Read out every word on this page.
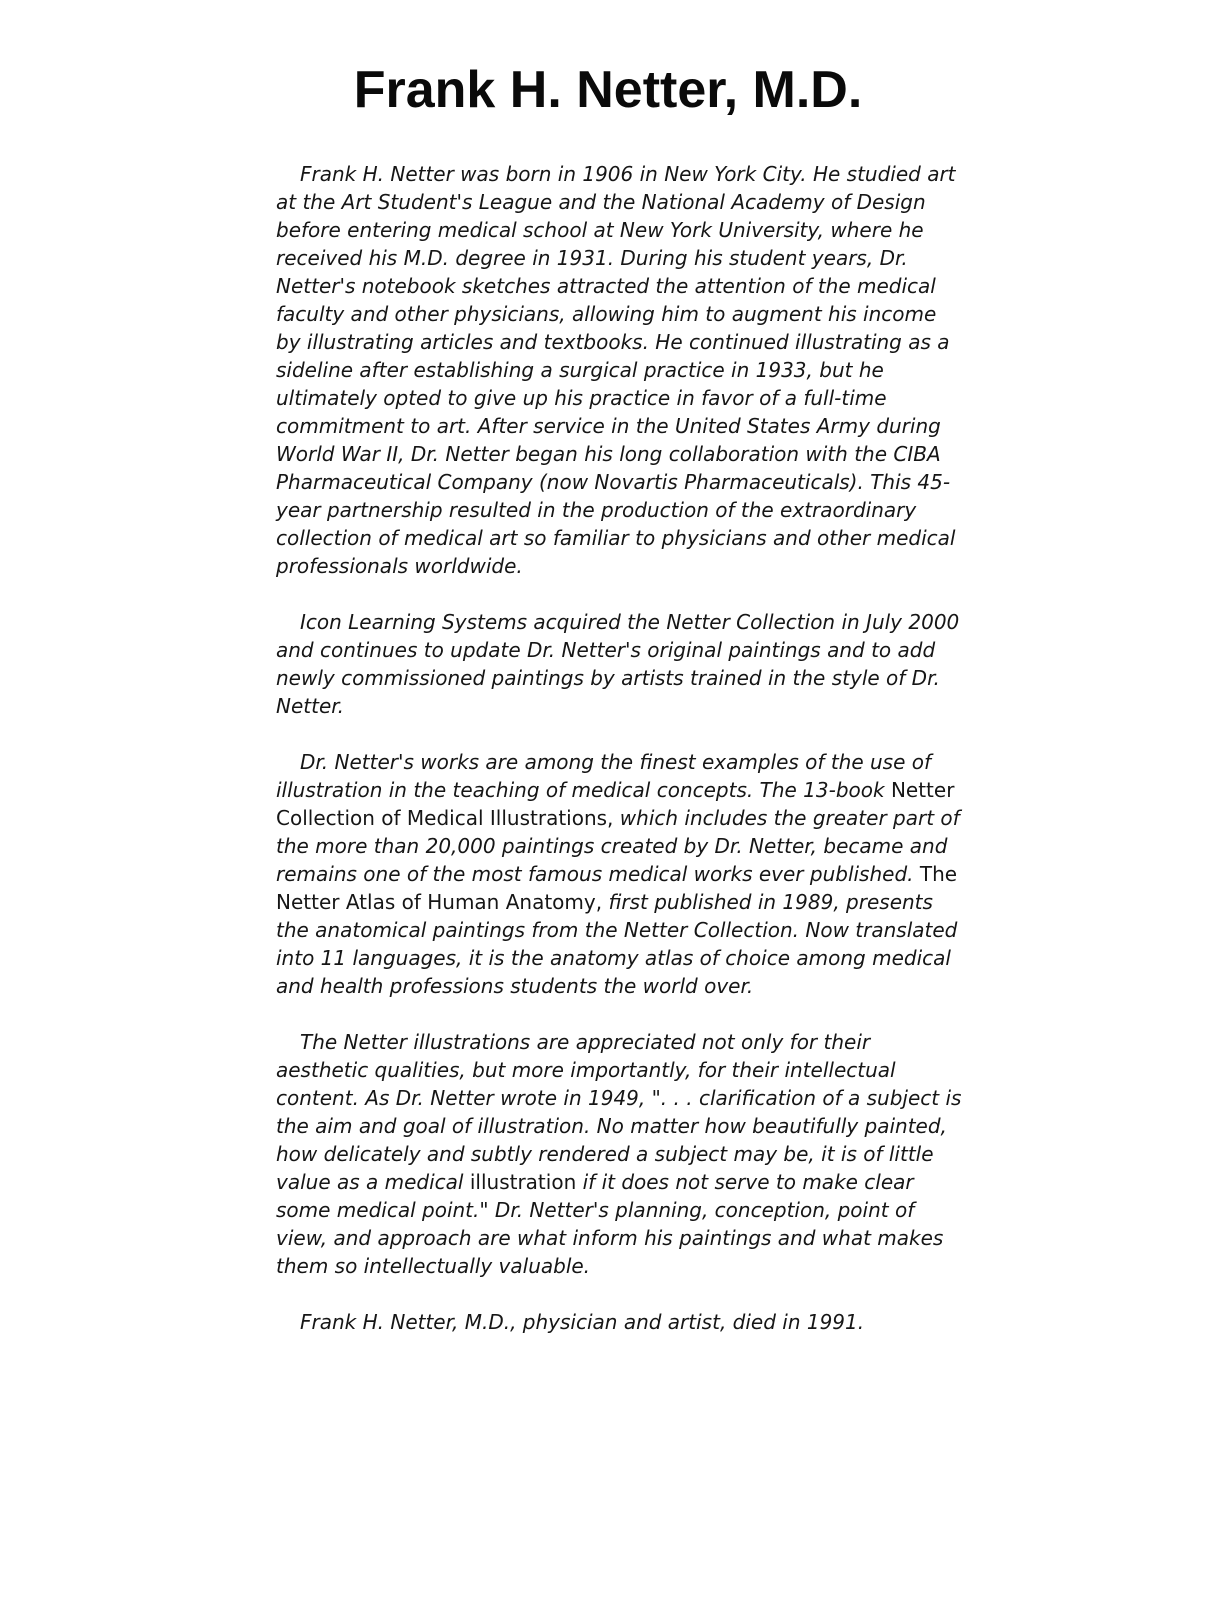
Frank H. Netter, M.D.

Frank H. Netter was born in 1906 in New York City. He studied art at the Art Student's League and the National Academy of Design before entering medical school at New York University, where he received his M.D. degree in 1931. During his student years, Dr. Netter's notebook sketches attracted the attention of the medical faculty and other physicians, allowing him to augment his income by illustrating articles and textbooks. He continued illustrating as a sideline after establishing a surgical practice in 1933, but he ultimately opted to give up his practice in favor of a full-time commitment to art. After service in the United States Army during World War II, Dr. Netter began his long collaboration with the CIBA Pharmaceutical Company (now Novartis Pharmaceuticals). This 45-year partnership resulted in the production of the extraordinary collection of medical art so familiar to physicians and other medical professionals worldwide.

Icon Learning Systems acquired the Netter Collection in July 2000 and continues to update Dr. Netter's original paintings and to add newly commissioned paintings by artists trained in the style of Dr. Netter.

Dr. Netter's works are among the finest examples of the use of illustration in the teaching of medical concepts. The 13-book Netter Collection of Medical Illustrations, which includes the greater part of the more than 20,000 paintings created by Dr. Netter, became and remains one of the most famous medical works ever published. The Netter Atlas of Human Anatomy, first published in 1989, presents the anatomical paintings from the Netter Collection. Now translated into 11 languages, it is the anatomy atlas of choice among medical and health professions students the world over.

The Netter illustrations are appreciated not only for their aesthetic qualities, but more importantly, for their intellectual content. As Dr. Netter wrote in 1949, ". . . clarification of a subject is the aim and goal of illustration. No matter how beautifully painted, how delicately and subtly rendered a subject may be, it is of little value as a medical illustration if it does not serve to make clear some medical point." Dr. Netter's planning, conception, point of view, and approach are what inform his paintings and what makes them so intellectually valuable.

Frank H. Netter, M.D., physician and artist, died in 1991.
